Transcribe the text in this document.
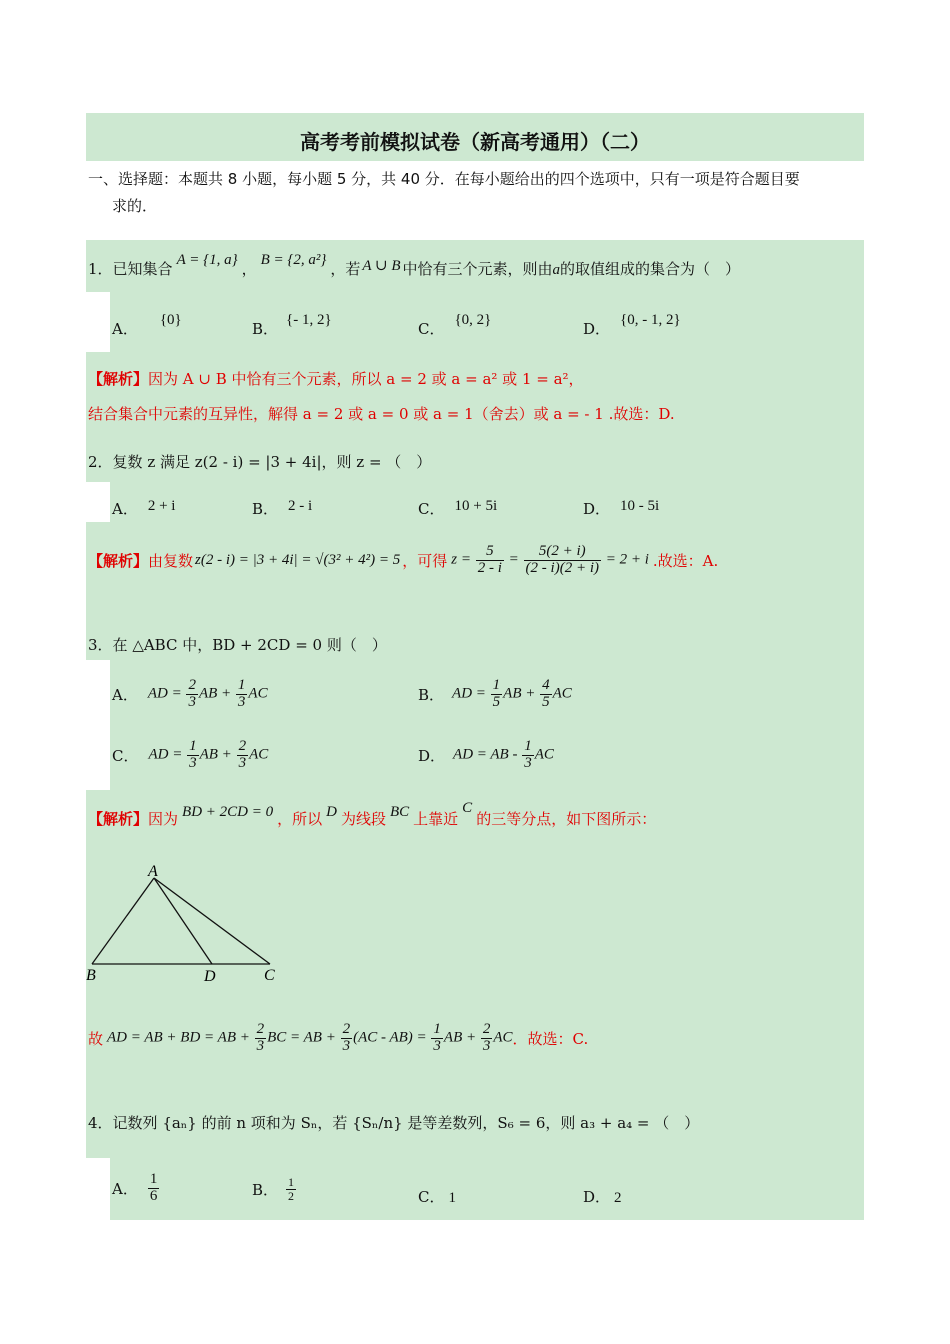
高考考前模拟试卷（新高考通用）（二）
一、选择题：本题共 8 小题，每小题 5 分，共 40 分．在每小题给出的四个选项中，只有一项是符合题目要
求的．
1．已知集合 A = {1, a} ， B = {2, a²} ，若 A ∪ B 中恰有三个元素，则由a的取值组成的集合为（　）
A． {0}	B． {- 1, 2}	C． {0, 2}	D． {0, - 1, 2}
【解析】因为 A ∪ B 中恰有三个元素，所以 a = 2 或 a = a² 或 1 = a²，
结合集合中元素的互异性，解得 a = 2 或 a = 0 或 a = 1（舍去）或 a = - 1 .故选：D.
2．复数 z 满足 z(2 - i) = |3 + 4i|，则 z = （　）
A． 2 + i	B． 2 - i	C． 10 + 5i	D． 10 - 5i
【解析】 由复数 z(2 - i) = |3 + 4i| = √(3² + 4²) = 5 ，可得 $z = \frac{5}{2 - i} = \frac{5(2 + i)}{(2 - i)(2 + i)} = 2 + i$ .故选：A.
3．在 △ABC 中，BD + 2CD = 0 则（　）
A． AD = $\frac{2}{3}$ AB + $\frac{1}{3}$ AC	B． AD = $\frac{1}{5}$ AB + $\frac{4}{5}$ AC
C． AD = $\frac{1}{3}$ AB + $\frac{2}{3}$ AC	D． AD = AB - $\frac{1}{3}$ AC
【解析】因为 BD + 2CD = 0 ，所以 D 为线段 BC 上靠近C的三等分点，如下图所示：
A
B	D	C
故 AD = AB + BD = AB + $\frac{2}{3}$ BC = AB + $\frac{2}{3} (AC - AB) = \frac{1}{3}$ AB + $\frac{2}{3}$ AC ．故选：C.
4．记数列 {aₙ} 的前 n 项和为 Sₙ，若 {Sₙ/n} 是等差数列，S₆ = 6，则 a₃ + a₄ = （　）
A． $\frac{1}{6}$	B． $\frac{1}{2}$	C． 1	D． 2
